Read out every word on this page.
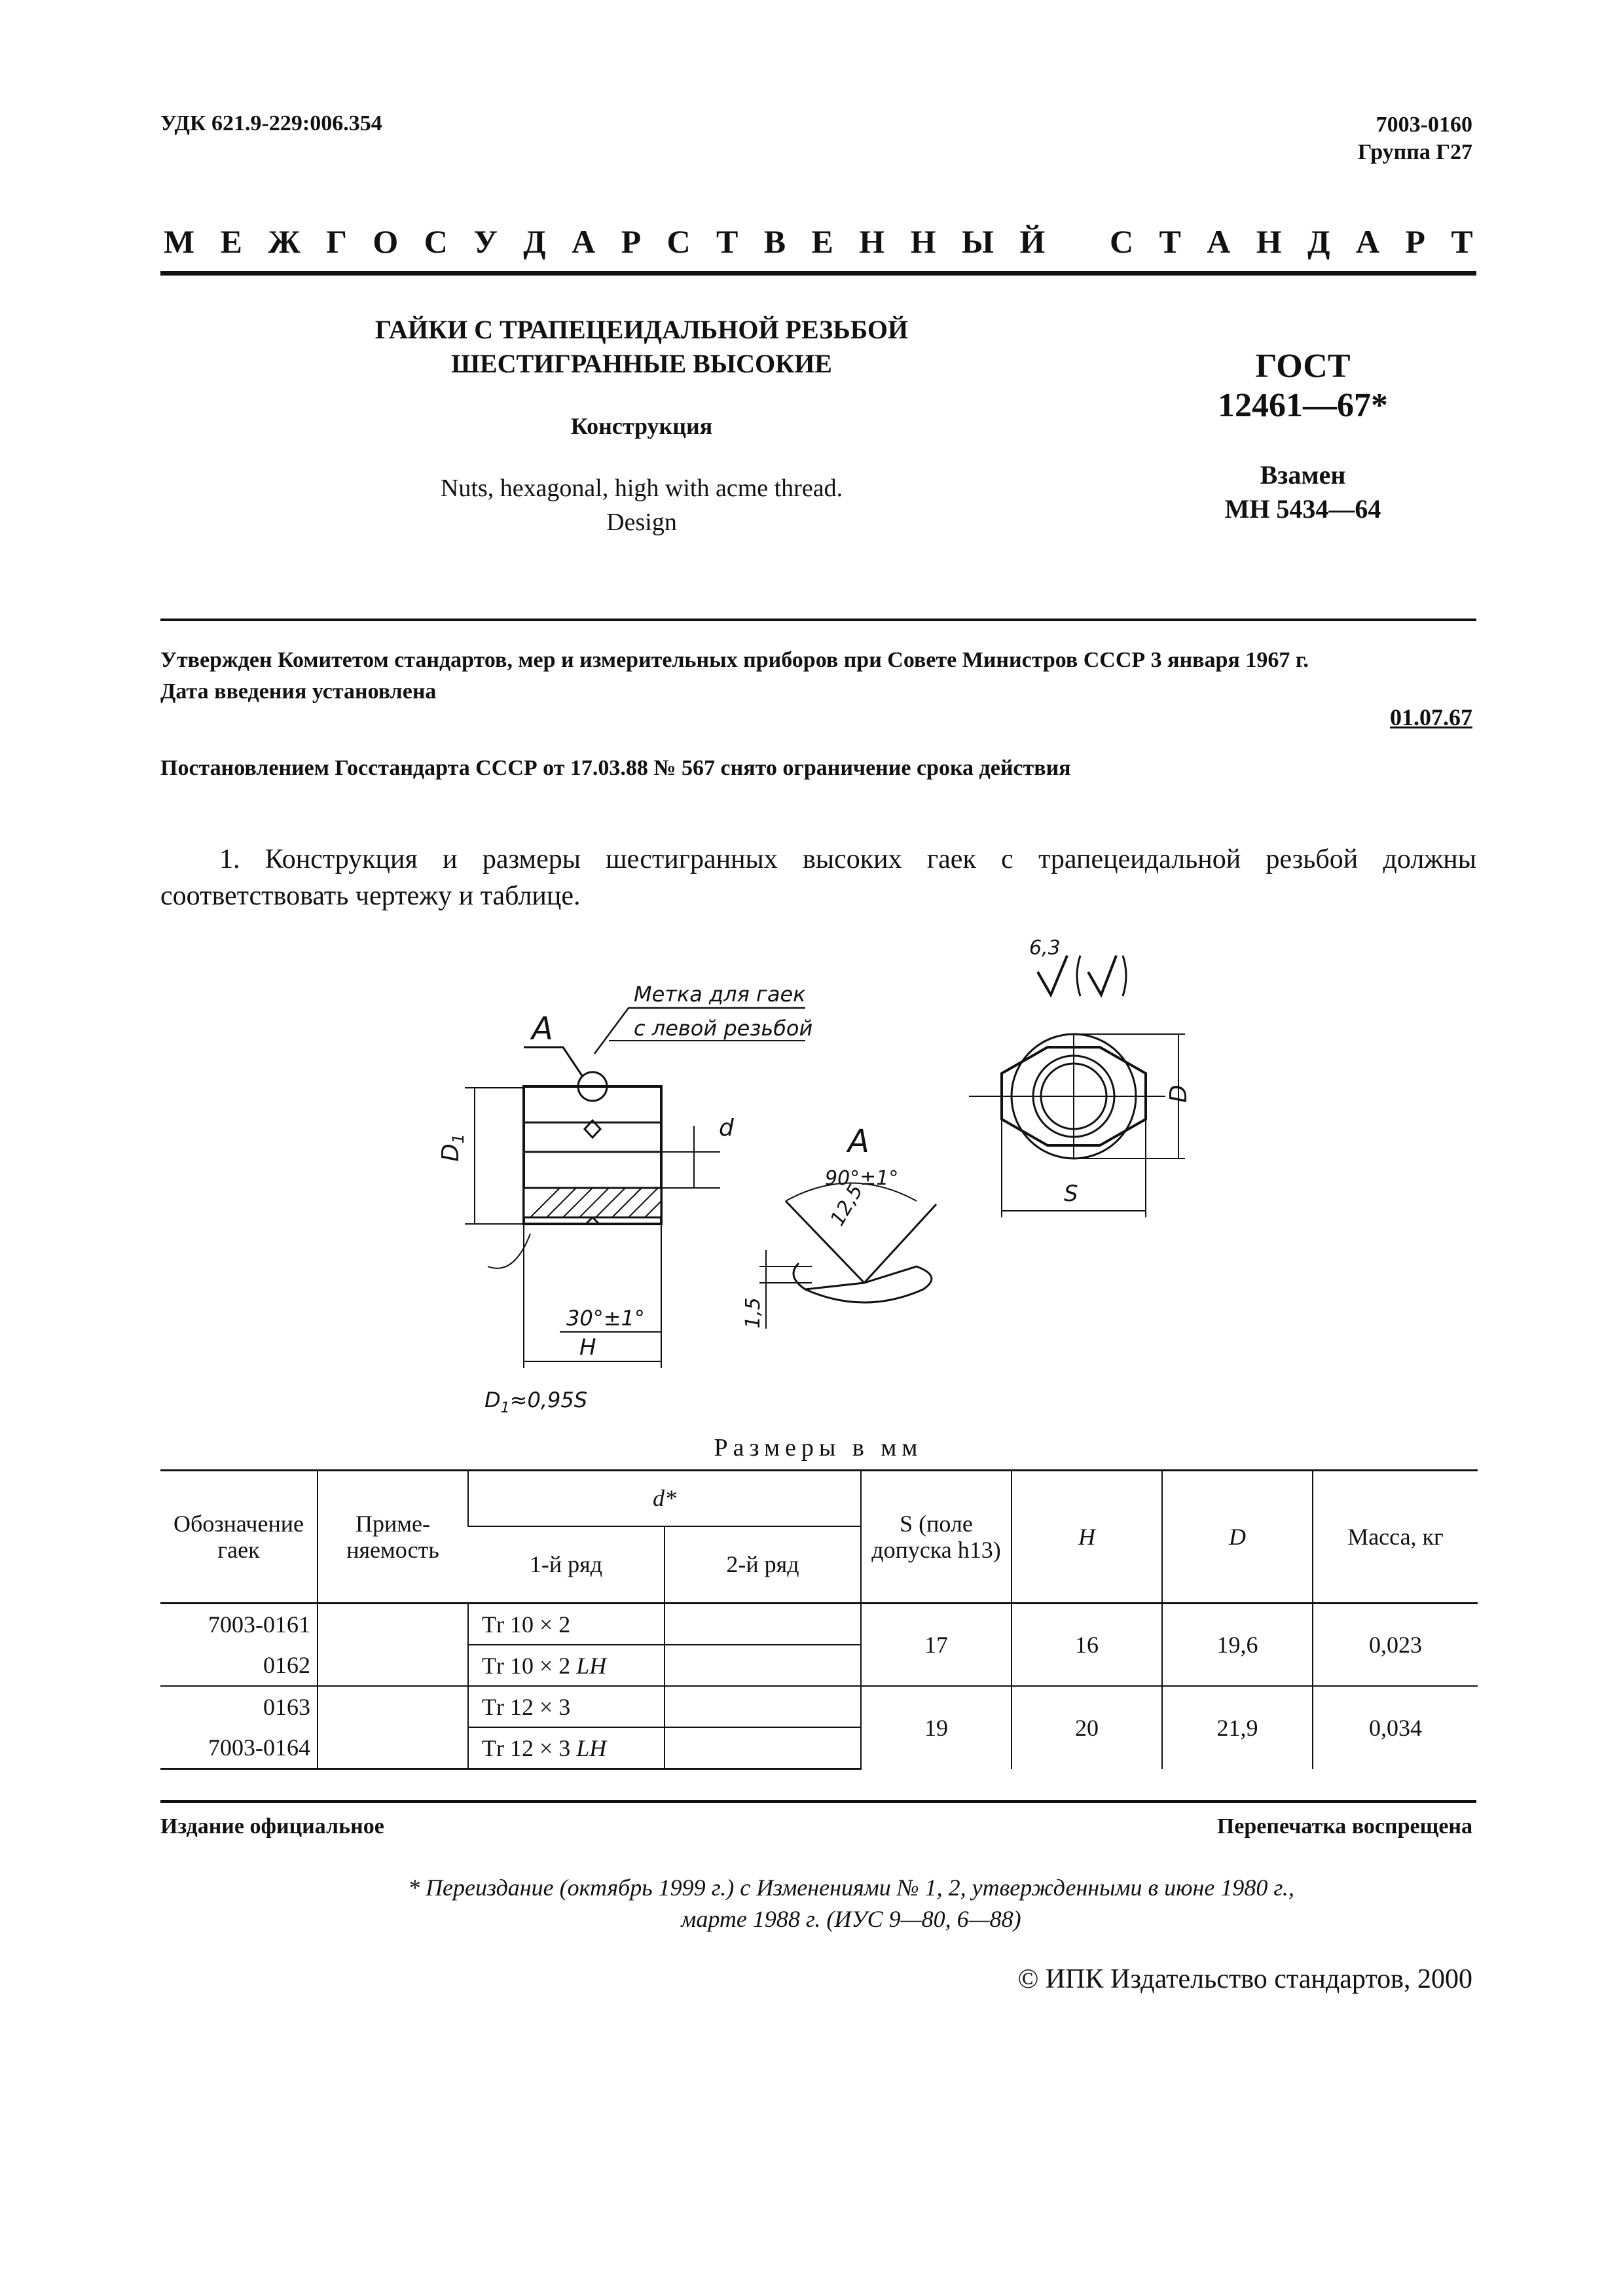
УДК 621.9-229:006.354	7003-0160
Группа Г27
М Е Ж Г О С У Д А Р С Т В Е Н Н Ы Й С Т А Н Д А Р Т
ГАЙКИ С ТРАПЕЦЕИДАЛЬНОЙ РЕЗЬБОЙ
ШЕСТИГРАННЫЕ ВЫСОКИЕ
Конструкция
Nuts, hexagonal, high with acme thread.
Design
ГОСТ
12461—67*
Взамен
МН 5434—64
Утвержден Комитетом стандартов, мер и измерительных приборов при Совете Министров СССР 3 января 1967 г.
Дата введения установлена
01.07.67
Постановлением Госстандарта СССР от 17.03.88 № 567 снято ограничение срока действия
1. Конструкция и размеры шестигранных высоких гаек с трапецеидальной резьбой должны соответствовать чертежу и таблице.
6,3
A
Метка для гаек
с левой резьбой
$D_1$	d
30°±1°
H
$D_1\approx 0,95S$
A
90°±1°
12,5
1,5
D
S
Размеры в мм
Обозначение гаек	Приме- няемость	d*		S (поле допуска h13)	H	D	Масса, кг
		1-й ряд	2-й ряд				
7003-0161		Тr 10 × 2		17	16	19,6	0,023
0162		Тr 10 × 2 LH					
0163		Тr 12 × 3		19	20	21,9	0,034
7003-0164		Тr 12 × 3 LH					
Издание официальное	Перепечатка воспрещена
* Переиздание (октябрь 1999 г.) с Изменениями № 1, 2, утвержденными в июне 1980 г.,
марте 1988 г. (ИУС 9—80, 6—88)
© ИПК Издательство стандартов, 2000
